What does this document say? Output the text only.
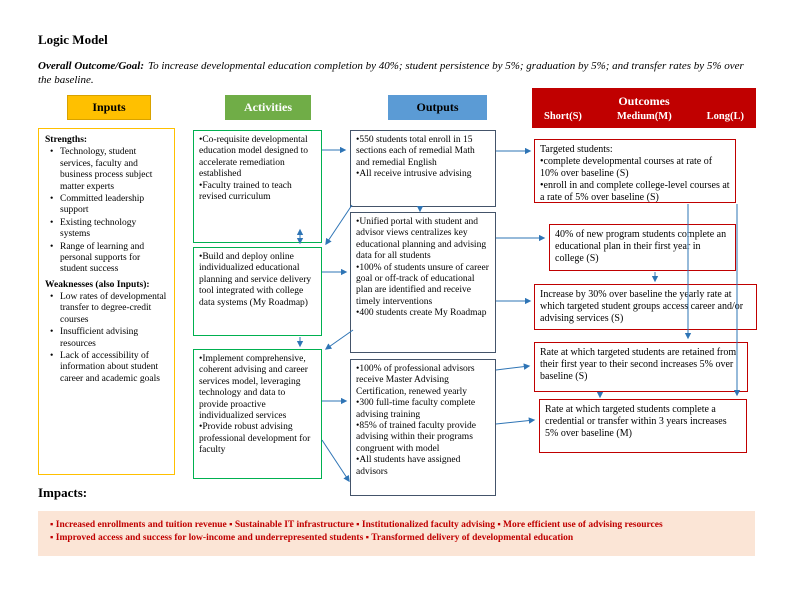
Logic Model

Overall Outcome/Goal: To increase developmental education completion by 40%; student persistence by 5%; graduation by 5%; and transfer rates by 5% over the baseline.

Inputs	Activities	Outputs	Outcomes
Short(S)	Medium(M)	Long(L)
Strengths:
• Technology, student services, faculty and business process subject matter experts
• Committed leadership support
• Existing technology systems
• Range of learning and personal supports for student success
Weaknesses (also Inputs):
• Low rates of developmental transfer to degree-credit courses
• Insufficient advising resources
• Lack of accessibility of information about student career and academic goals
• Co-requisite developmental education model designed to accelerate remediation established
• Faculty trained to teach revised curriculum
• Build and deploy online individualized educational planning and service delivery tool integrated with college data systems (My Roadmap)
• Implement comprehensive, coherent advising and career services model, leveraging technology and data to provide proactive individualized services
• Provide robust advising professional development for faculty
• 550 students total enroll in 15 sections each of remedial Math and remedial English
• All receive intrusive advising
• Unified portal with student and advisor views centralizes key educational planning and advising data for all students
• 100% of students unsure of career goal or off-track of educational plan are identified and receive timely interventions
• 400 students create My Roadmap
• 100% of professional advisors receive Master Advising Certification, renewed yearly
• 300 full-time faculty complete advising training
• 85% of trained faculty provide advising within their programs congruent with model
• All students have assigned advisors
Targeted students:
• complete developmental courses at rate of 10% over baseline (S)
• enroll in and complete college-level courses at a rate of 5% over baseline (S)
40% of new program students complete an educational plan in their first year in college (S)
Increase by 30% over baseline the yearly rate at which targeted student groups access career and/or advising services (S)
Rate at which targeted students are retained from their first year to their second increases 5% over baseline (S)
Rate at which targeted students complete a credential or transfer within 3 years increases 5% over baseline (M)
Impacts:
▪ Increased enrollments and tuition revenue ▪ Sustainable IT infrastructure ▪ Institutionalized faculty advising ▪ More efficient use of advising resources
▪ Improved access and success for low-income and underrepresented students ▪ Transformed delivery of developmental education
